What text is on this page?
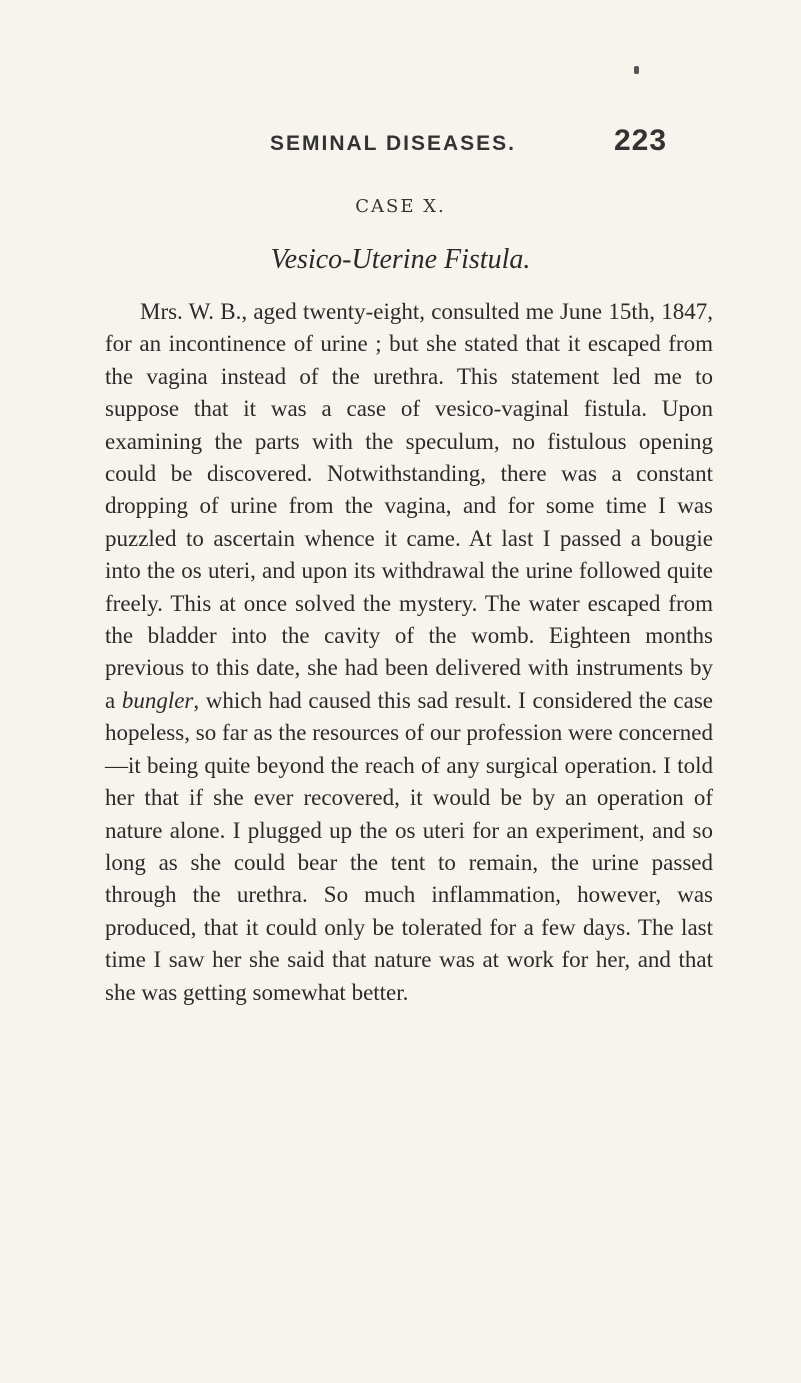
SEMINAL DISEASES.	223
CASE X.
Vesico-Uterine Fistula.

Mrs. W. B., aged twenty-eight, consulted me June 15th, 1847, for an incontinence of urine ; but she stated that it escaped from the vagina instead of the urethra. This statement led me to suppose that it was a case of vesico-vaginal fistula. Upon examining the parts with the speculum, no fistulous opening could be discovered. Notwithstanding, there was a constant dropping of urine from the vagina, and for some time I was puzzled to ascertain whence it came. At last I passed a bougie into the os uteri, and upon its withdrawal the urine followed quite freely. This at once solved the mystery. The water escaped from the bladder into the cavity of the womb. Eighteen months previous to this date, she had been delivered with instruments by a bungler, which had caused this sad result. I considered the case hopeless, so far as the resources of our profession were concerned—it being quite beyond the reach of any surgical operation. I told her that if she ever recovered, it would be by an operation of nature alone. I plugged up the os uteri for an experiment, and so long as she could bear the tent to remain, the urine passed through the urethra. So much inflammation, however, was produced, that it could only be tolerated for a few days. The last time I saw her she said that nature was at work for her, and that she was getting somewhat better.
